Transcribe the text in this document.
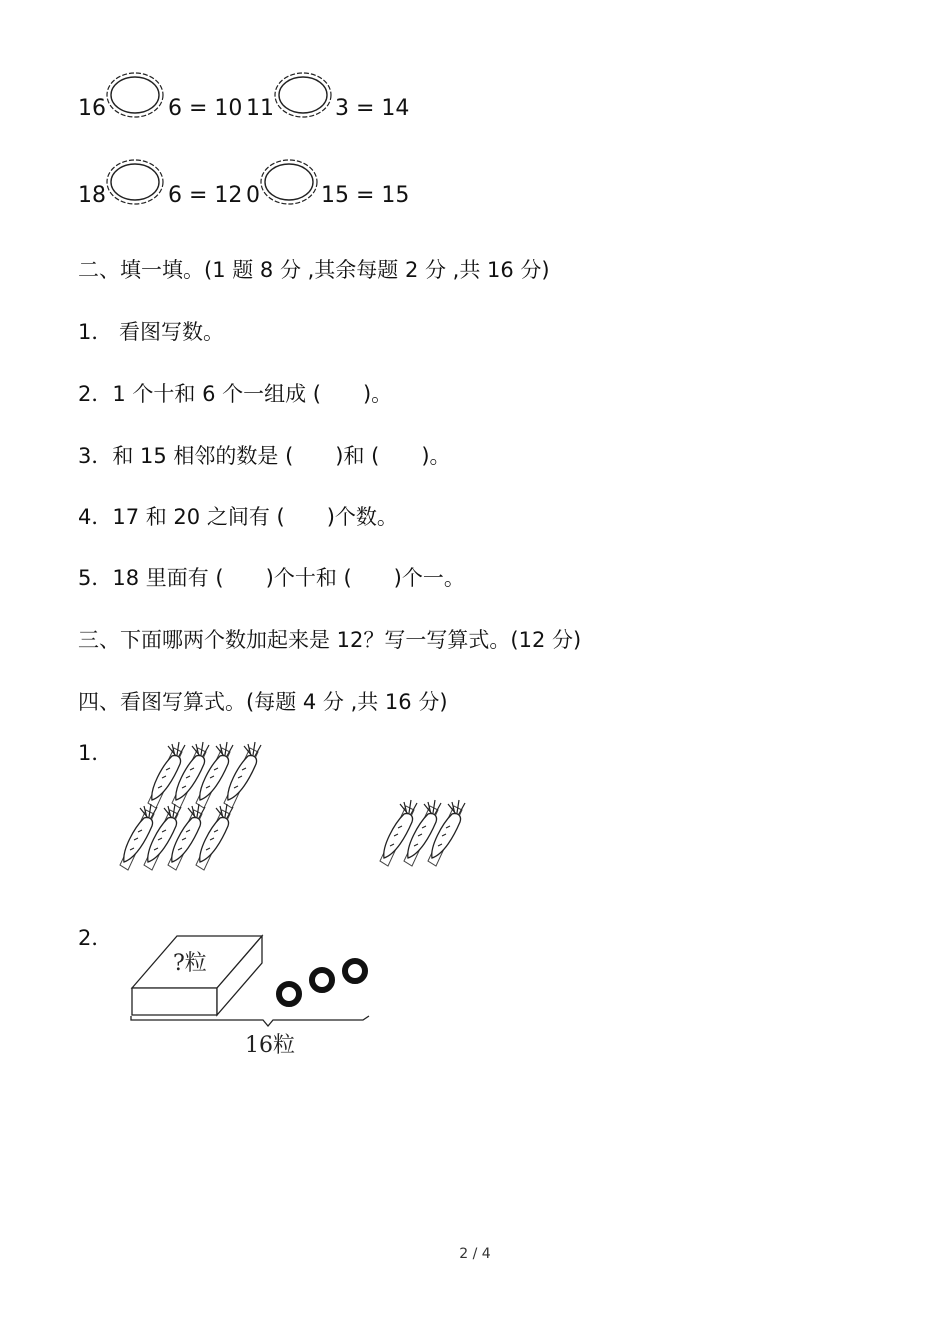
16	6 = 10 11	3 = 14
18	6 = 12 0	15 = 15
二、填一填。(1 题 8 分 ,其余每题 2 分 ,共 16 分)
1． 看图写数。
2．1 个十和 6 个一组成 (　　)。
3．和 15 相邻的数是 (　　)和 (　　)。
4．17 和 20 之间有 (　　)个数。
5．18 里面有 (　　)个十和 (　　)个一。
三、下面哪两个数加起来是 12？写一写算式。(12 分)
四、看图写算式。(每题 4 分 ,共 16 分)
1．
2．
?粒
16粒
2 / 4
